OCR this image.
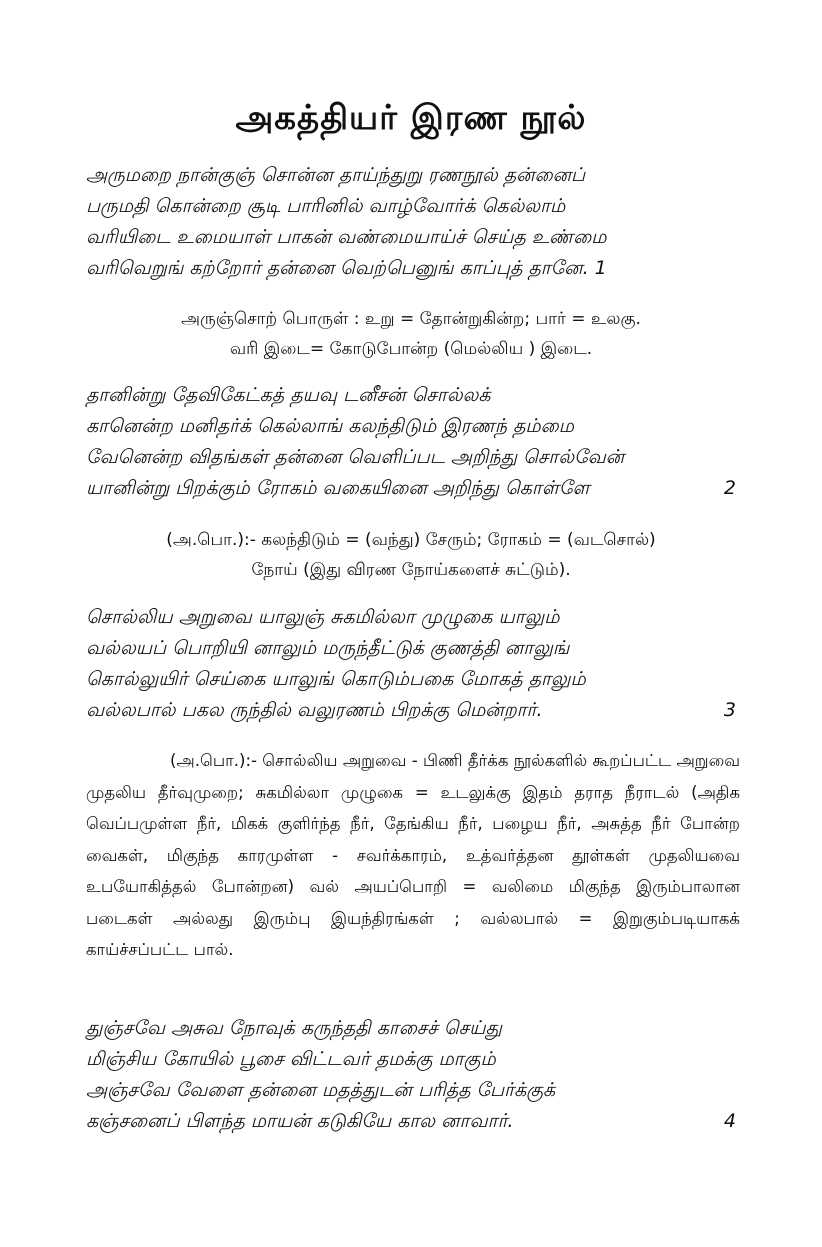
அகத்தியர் இரண நூல்
அருமறை நான்குஞ் சொன்ன தாய்ந்துறு ரணநூல் தன்னைப்
பருமதி கொன்றை சூடி பாரினில் வாழ்வோர்க் கெல்லாம்
வரியிடை உமையாள் பாகன் வண்மையாய்ச் செய்த உண்மை
வரிவெறுங் கற்றோர் தன்னை வெற்பெனுங் காப்புத் தானே. 1
அருஞ்சொற் பொருள் : உறு = தோன்றுகின்ற; பார் = உலகு.
வரி இடை= கோடுபோன்ற (மெல்லிய ) இடை.
தானின்று தேவிகேட்கத் தயவு டனீசன் சொல்லக்
கானென்ற மனிதர்க் கெல்லாங் கலந்திடும் இரணந் தம்மை
வேனென்ற விதங்கள் தன்னை வெளிப்பட அறிந்து சொல்வேன்
யானின்று பிறக்கும் ரோகம் வகையினை அறிந்து கொள்ளே	2
(அ.பொ.):- கலந்திடும் = (வந்து) சேரும்; ரோகம் = (வடசொல்)
நோய் (இது விரண நோய்களைச் சுட்டும்).
சொல்லிய அறுவை யாலுஞ் சுகமில்லா முழுகை யாலும்
வல்லயப் பொறியி னாலும் மருந்தீட்டுக் குணத்தி னாலுங்
கொல்லுயிர் செய்கை யாலுங் கொடும்பகை மோகத் தாலும்
வல்லபால் பகல ருந்தில் வலுரணம் பிறக்கு மென்றார்.	3
(அ.பொ.):- சொல்லிய அறுவை - பிணி தீர்க்க நூல்களில் கூறப்பட்ட அறுவை முதலிய தீர்வுமுறை; சுகமில்லா முழுகை = உடலுக்கு இதம் தராத நீராடல் (அதிக வெப்பமுள்ள நீர், மிகக் குளிர்ந்த நீர், தேங்கிய நீர், பழைய நீர், அசுத்த நீர் போன்ற வைகள், மிகுந்த காரமுள்ள - சவர்க்காரம், உத்வர்த்தன தூள்கள் முதலியவை உபயோகித்தல் போன்றன) வல் அயப்பொறி = வலிமை மிகுந்த இரும்பாலான படைகள் அல்லது இரும்பு இயந்திரங்கள் ; வல்லபால் = இறுகும்படியாகக் காய்ச்சப்பட்ட பால்.
துஞ்சவே அசுவ நோவுக் கருந்ததி காசைச் செய்து
மிஞ்சிய கோயில் பூசை விட்டவர் தமக்கு மாகும்
அஞ்சவே வேளை தன்னை மதத்துடன் பரித்த பேர்க்குக்
கஞ்சனைப் பிளந்த மாயன் கடுகியே கால னாவார்.	4
